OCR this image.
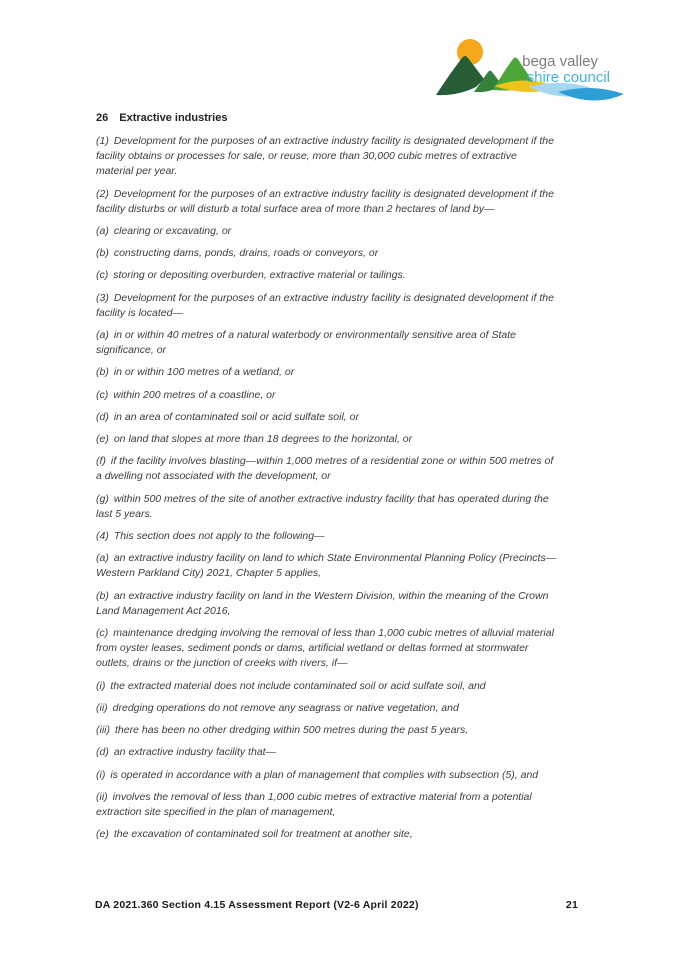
bega valley
shire council

26 Extractive industries

(1) Development for the purposes of an extractive industry facility is designated development if the facility obtains or processes for sale, or reuse, more than 30,000 cubic metres of extractive material per year.

(2) Development for the purposes of an extractive industry facility is designated development if the facility disturbs or will disturb a total surface area of more than 2 hectares of land by—

(a) clearing or excavating, or

(b) constructing dams, ponds, drains, roads or conveyors, or

(c) storing or depositing overburden, extractive material or tailings.

(3) Development for the purposes of an extractive industry facility is designated development if the facility is located—

(a) in or within 40 metres of a natural waterbody or environmentally sensitive area of State significance, or

(b) in or within 100 metres of a wetland, or

(c) within 200 metres of a coastline, or

(d) in an area of contaminated soil or acid sulfate soil, or

(e) on land that slopes at more than 18 degrees to the horizontal, or

(f) if the facility involves blasting—within 1,000 metres of a residential zone or within 500 metres of a dwelling not associated with the development, or

(g) within 500 metres of the site of another extractive industry facility that has operated during the last 5 years.

(4) This section does not apply to the following—

(a) an extractive industry facility on land to which State Environmental Planning Policy (Precincts—Western Parkland City) 2021, Chapter 5 applies,

(b) an extractive industry facility on land in the Western Division, within the meaning of the Crown Land Management Act 2016,

(c) maintenance dredging involving the removal of less than 1,000 cubic metres of alluvial material from oyster leases, sediment ponds or dams, artificial wetland or deltas formed at stormwater outlets, drains or the junction of creeks with rivers, if—

(i) the extracted material does not include contaminated soil or acid sulfate soil, and

(ii) dredging operations do not remove any seagrass or native vegetation, and

(iii) there has been no other dredging within 500 metres during the past 5 years,

(d) an extractive industry facility that—

(i) is operated in accordance with a plan of management that complies with subsection (5), and

(ii) involves the removal of less than 1,000 cubic metres of extractive material from a potential extraction site specified in the plan of management,

(e) the excavation of contaminated soil for treatment at another site,

DA 2021.360 Section 4.15 Assessment Report (V2-6 April 2022)	21
